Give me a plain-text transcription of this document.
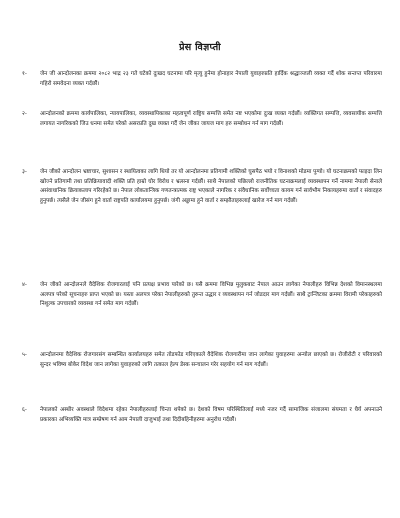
प्रेस विज्ञप्ती
१-	जेन जी आन्दोलनका क्रममा २०८२ भाद्र २३ गते घटेको दुःखद घटनामा परि मृत्यु हुनेमा होनाहार नेपाली युवाहरुप्रति हार्दिक श्रद्धाञ्जली व्यक्त गर्दै शोक सन्तप्त परिवारमा गहिरो समवेदना व्यक्त गर्दछौं।
२-	आन्दोलनको क्रममा कार्यपालिका, न्यायपालिका, व्यवस्थापिकाका महत्वपूर्ण राष्ट्रिय सम्पत्ति समेत नष्ट भएकोमा दुःख व्यक्त गर्दछौं। व्यक्तिगत सम्पत्ति, व्यवसायीक सम्पत्ति लगायत नागरिकको जिउ धनमा समेत परेको असरप्रति दुख व्यक्त गर्दै जेन जीका जायज माग हरु सम्बोधन गर्न माग गर्दछौं।
३-	जेन जीको आन्दोलन भ्रष्टाचार, सुशासन र स्थायित्वका लागि थियो तर यो आन्दोलनमा प्रतिगामी शक्तिको घुसपैठ भयो र विनाशको मोडमा पुग्यो। यो घटनाक्रमको फाइदा लिन खोज्ने प्रतिगामी तथा प्रतिक्रियावादी शक्ति प्रति हाम्रो घोर विरोध र भ्रत्सना गर्दछौं। साथै नेपालको पछिल्लो राजनीतिक घटनाक्रमलाई व्यवस्थापन गर्ने नाममा नेपाली सेनाले असंवाधानिक क्रियाकलाप गरिरहेको छ। नेपाल लोकतान्त्रिक गणतन्त्रात्मक राष्ट्र भएकाले नागरिक र संवैधानिक सर्वोच्चता कायम गर्न सार्वभौम निकायहरुमा वार्ता र संवादहरु हुनुपर्छ। त्यसैले जेन जीसंग हुने वार्ता राष्ट्रपति कार्यालयमा हुनुपर्छ। जंगी अड्डामा हुने वार्ता र सम्झौताहरुलाई खारेज गर्न माग गर्दछौं।
४-	जेन जीको आन्दोलनले वैदेशिक रोजगारलाई पनि प्रत्यक्ष प्रभाव पारेको छ। यसै क्रममा विभिन्न मुलुकबाट नेपाल आउन लागेका नेपालीहरु विभिन्न देशको विमानस्थलमा अलपत्र परेको सूचनाहरु प्राप्त भएको छ। यस्ता अलपत्र परेका नेपालीहरुको तुरुन्त उद्धार र व्यवस्थापन गर्न जोडदार माग गर्दछौं। साथै ट्रान्जिटका क्रममा विरामी परेकाहरुको निशुल्क उपचारको व्यवस्था गर्न समेत माग गर्दछौं।
५-	आन्दोलनमा वैदेशिक रोजगारसंग सम्बन्धित कार्यालयहरु समेत तोडफोड गरिएकाले वैदेशिक रोजगारीमा जान लागेका युवाहरुमा अन्योल छाएको छ। रोजीरोटी र परिवारको सुन्दर भविष्य बोकेर विदेश जान लागेका युवाहरुको लागि तत्काल हेल्प डेस्क सन्चालन गरेर सहयोग गर्न माग गर्दछौं।
६-	नेपालको अस्थीर अवस्थाले विदेशमा रहेका नेपालीहरुलाई चिन्ता थपेको छ। देशको विषम परिस्थितिलाई मध्ये नजर गर्दै सामाजिक संजालमा संयमता र धैर्य अपनाउने प्रकारका अभिव्यक्ति मात्र सम्प्रेषण गर्न आम नेपाली दाजुभाई तथा दिदीबहिनीहरुमा अनुरोध गर्दछौं।
